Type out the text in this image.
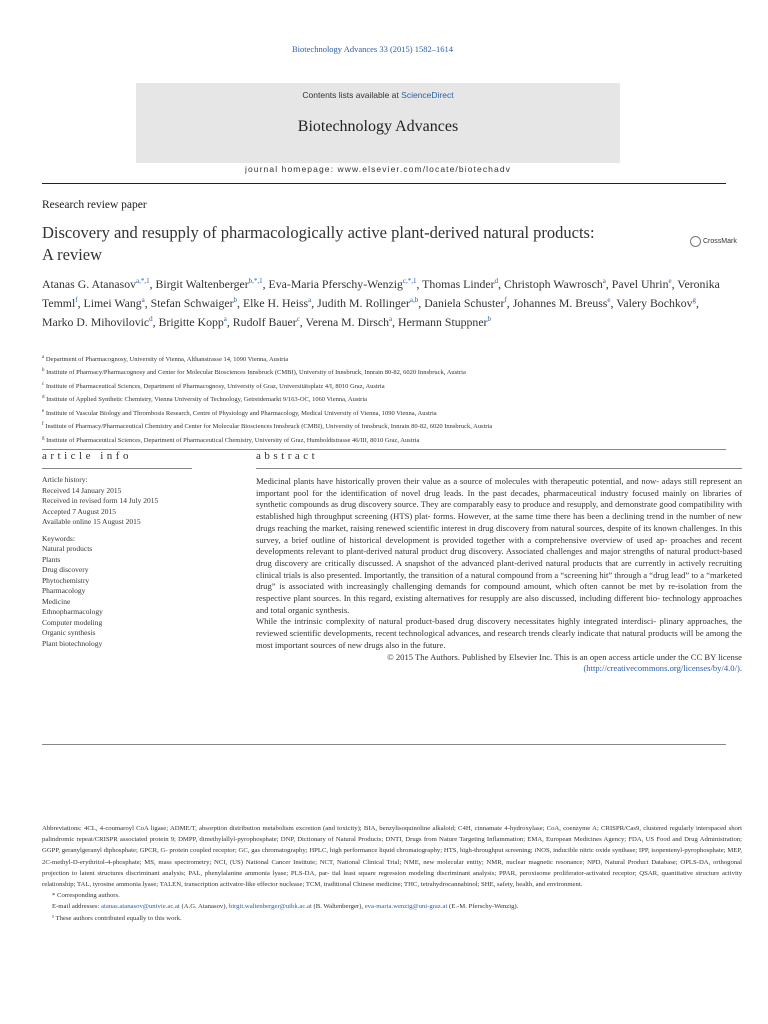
Biotechnology Advances 33 (2015) 1582–1614
Contents lists available at ScienceDirect
Biotechnology Advances
journal homepage: www.elsevier.com/locate/biotechadv
Research review paper
Discovery and resupply of pharmacologically active plant-derived natural products: A review
CrossMark
Atanas G. Atanasov$^{a,*,1}$, Birgit Waltenberger$^{b,*,1}$, Eva-Maria Pferschy-Wenzig$^{c,*,1}$, Thomas Linder$^d$, Christoph Wawrosch$^a$, Pavel Uhrin$^e$, Veronika Temml$^f$, Limei Wang$^a$, Stefan Schwaiger$^b$, Elke H. Heiss$^a$, Judith M. Rollinger$^{a,b}$, Daniela Schuster$^f$, Johannes M. Breuss$^e$, Valery Bochkov$^g$, Marko D. Mihovilovic$^d$, Brigitte Kopp$^a$, Rudolf Bauer$^c$, Verena M. Dirsch$^a$, Hermann Stuppner$^b$
$^a$ Department of Pharmacognosy, University of Vienna, Althanstrasse 14, 1090 Vienna, Austria
$^b$ Institute of Pharmacy/Pharmacognosy and Center for Molecular Biosciences Innsbruck (CMBI), University of Innsbruck, Innrain 80-82, 6020 Innsbruck, Austria
$^c$ Institute of Pharmaceutical Sciences, Department of Pharmacognosy, University of Graz, Universitätsplatz 4/I, 8010 Graz, Austria
$^d$ Institute of Applied Synthetic Chemistry, Vienna University of Technology, Getreidemarkt 9/163-OC, 1060 Vienna, Austria
$^e$ Institute of Vascular Biology and Thrombosis Research, Centre of Physiology and Pharmacology, Medical University of Vienna, 1090 Vienna, Austria
$^f$ Institute of Pharmacy/Pharmaceutical Chemistry and Center for Molecular Biosciences Innsbruck (CMBI), University of Innsbruck, Innrain 80-82, 6020 Innsbruck, Austria
$^g$ Institute of Pharmaceutical Sciences, Department of Pharmaceutical Chemistry, University of Graz, Humboldtstrasse 46/III, 8010 Graz, Austria
article info	abstract
Article history:
Received 14 January 2015
Received in revised form 14 July 2015
Accepted 7 August 2015
Available online 15 August 2015
Keywords:
Natural products
Plants
Drug discovery
Phytochemistry
Pharmacology
Medicine
Ethnopharmacology
Computer modeling
Organic synthesis
Plant biotechnology

Medicinal plants have historically proven their value as a source of molecules with therapeutic potential, and now- adays still represent an important pool for the identification of novel drug leads. In the past decades, pharmaceutical industry focused mainly on libraries of synthetic compounds as drug discovery source. They are comparably easy to produce and resupply, and demonstrate good compatibility with established high throughput screening (HTS) plat- forms. However, at the same time there has been a declining trend in the number of new drugs reaching the market, raising renewed scientific interest in drug discovery from natural sources, despite of its known challenges. In this survey, a brief outline of historical development is provided together with a comprehensive overview of used ap- proaches and recent developments relevant to plant-derived natural product drug discovery. Associated challenges and major strengths of natural product-based drug discovery are critically discussed. A snapshot of the advanced plant-derived natural products that are currently in actively recruiting clinical trials is also presented. Importantly, the transition of a natural compound from a “screening hit” through a “drug lead” to a “marketed drug” is associated with increasingly challenging demands for compound amount, which often cannot be met by re-isolation from the respective plant sources. In this regard, existing alternatives for resupply are also discussed, including different bio- technology approaches and total organic synthesis.

While the intrinsic complexity of natural product-based drug discovery necessitates highly integrated interdisci- plinary approaches, the reviewed scientific developments, recent technological advances, and research trends clearly indicate that natural products will be among the most important sources of new drugs also in the future.

© 2015 The Authors. Published by Elsevier Inc. This is an open access article under the CC BY license

(http://creativecommons.org/licenses/by/4.0/).

Abbreviations: 4CL, 4-coumaroyl CoA ligase; ADME/T, absorption distribution metabolism excretion (and toxicity); BIA, benzylisoquinoline alkaloid; C4H, cinnamate 4-hydroxylase; CoA, coenzyme A; CRISPR/Cas9, clustered regularly interspaced short palindromic repeat/CRISPR associated protein 9; DMPP, dimethylallyl-pyrophosphate; DNP, Dictionary of Natural Products; DNTI, Drugs from Nature Targeting Inflammation; EMA, European Medicines Agency; FDA, US Food and Drug Administration; GGPP, geranylgeranyl diphosphate; GPCR, G- protein coupled receptor; GC, gas chromatography; HPLC, high performance liquid chromatography; HTS, high-throughput screening; iNOS, inducible nitric oxide synthase; IPP, isopentenyl-pyrophosphate; MEP, 2C-methyl-D-erythritol-4-phosphate; MS, mass spectrometry; NCI, (US) National Cancer Institute; NCT, National Clinical Trial; NME, new molecular entity; NMR, nuclear magnetic resonance; NPD, Natural Product Database; OPLS-DA, orthogonal projection to latent structures discriminant analysis; PAL, phenylalanine ammonia lyase; PLS-DA, par- tial least square regression modeling discriminant analysis; PPAR, peroxisome proliferator-activated receptor; QSAR, quantitative structure activity relationship; TAL, tyrosine ammonia lyase; TALEN, transcription activator-like effector nuclease; TCM, traditional Chinese medicine; THC, tetrahydrocannabinol; SHE, safety, health, and environment.

* Corresponding authors.

E-mail addresses: atanas.atanasov@univie.ac.at (A.G. Atanasov), birgit.waltenberger@uibk.ac.at (B. Waltenberger), eva-maria.wenzig@uni-graz.at (E.-M. Pferschy-Wenzig).

¹ These authors contributed equally to this work.
